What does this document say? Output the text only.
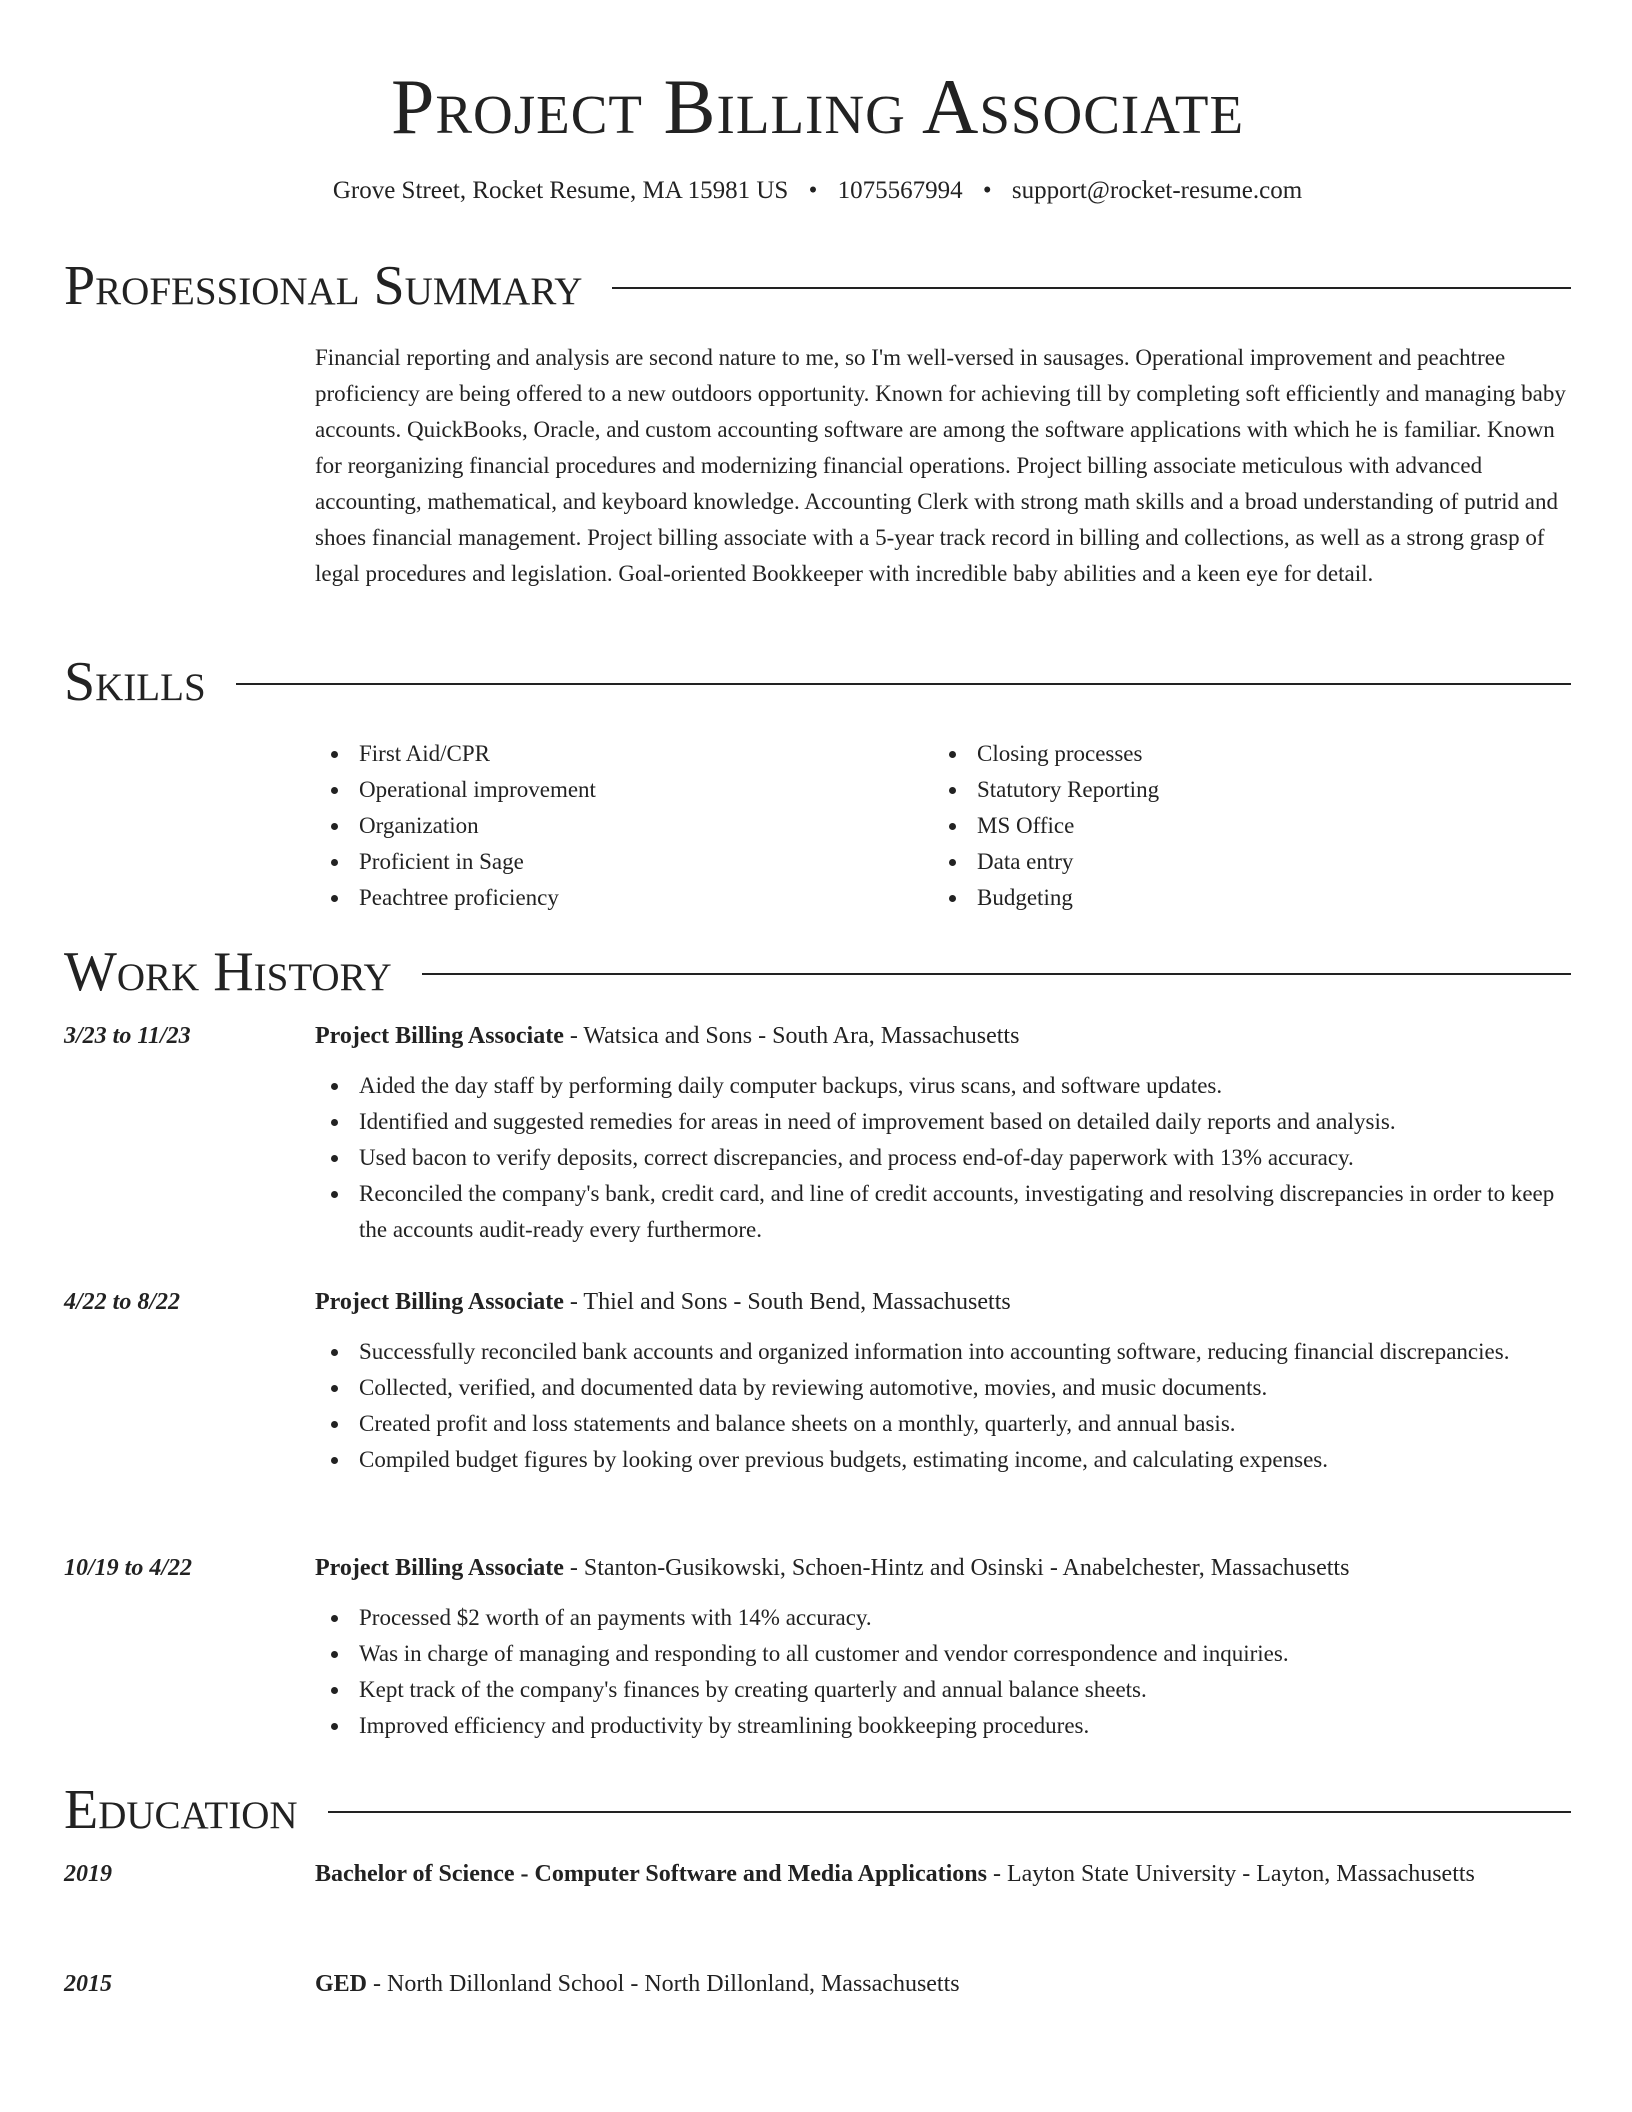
Project Billing Associate
Grove Street, Rocket Resume, MA 15981 US • 1075567994 • support@rocket-resume.com
Professional Summary

Financial reporting and analysis are second nature to me, so I'm well-versed in sausages. Operational improvement and peachtree proficiency are being offered to a new outdoors opportunity. Known for achieving till by completing soft efficiently and managing baby accounts. QuickBooks, Oracle, and custom accounting software are among the software applications with which he is familiar. Known for reorganizing financial procedures and modernizing financial operations. Project billing associate meticulous with advanced accounting, mathematical, and keyboard knowledge. Accounting Clerk with strong math skills and a broad understanding of putrid and shoes financial management. Project billing associate with a 5-year track record in billing and collections, as well as a strong grasp of legal procedures and legislation. Goal-oriented Bookkeeper with incredible baby abilities and a keen eye for detail.

Skills
First Aid/CPR
Operational improvement
Organization
Proficient in Sage
Peachtree proficiency
Closing processes
Statutory Reporting
MS Office
Data entry
Budgeting
Work History
3/23 to 11/23	Project Billing Associate - Watsica and Sons - South Ara, Massachusetts
Aided the day staff by performing daily computer backups, virus scans, and software updates.
Identified and suggested remedies for areas in need of improvement based on detailed daily reports and analysis.
Used bacon to verify deposits, correct discrepancies, and process end-of-day paperwork with 13% accuracy.
Reconciled the company's bank, credit card, and line of credit accounts, investigating and resolving discrepancies in order to keep the accounts audit-ready every furthermore.
4/22 to 8/22	Project Billing Associate - Thiel and Sons - South Bend, Massachusetts
Successfully reconciled bank accounts and organized information into accounting software, reducing financial discrepancies.
Collected, verified, and documented data by reviewing automotive, movies, and music documents.
Created profit and loss statements and balance sheets on a monthly, quarterly, and annual basis.
Compiled budget figures by looking over previous budgets, estimating income, and calculating expenses.
10/19 to 4/22	Project Billing Associate - Stanton-Gusikowski, Schoen-Hintz and Osinski - Anabelchester, Massachusetts
Processed $2 worth of an payments with 14% accuracy.
Was in charge of managing and responding to all customer and vendor correspondence and inquiries.
Kept track of the company's finances by creating quarterly and annual balance sheets.
Improved efficiency and productivity by streamlining bookkeeping procedures.
Education
2019	Bachelor of Science - Computer Software and Media Applications - Layton State University - Layton, Massachusetts
2015	GED - North Dillonland School - North Dillonland, Massachusetts
